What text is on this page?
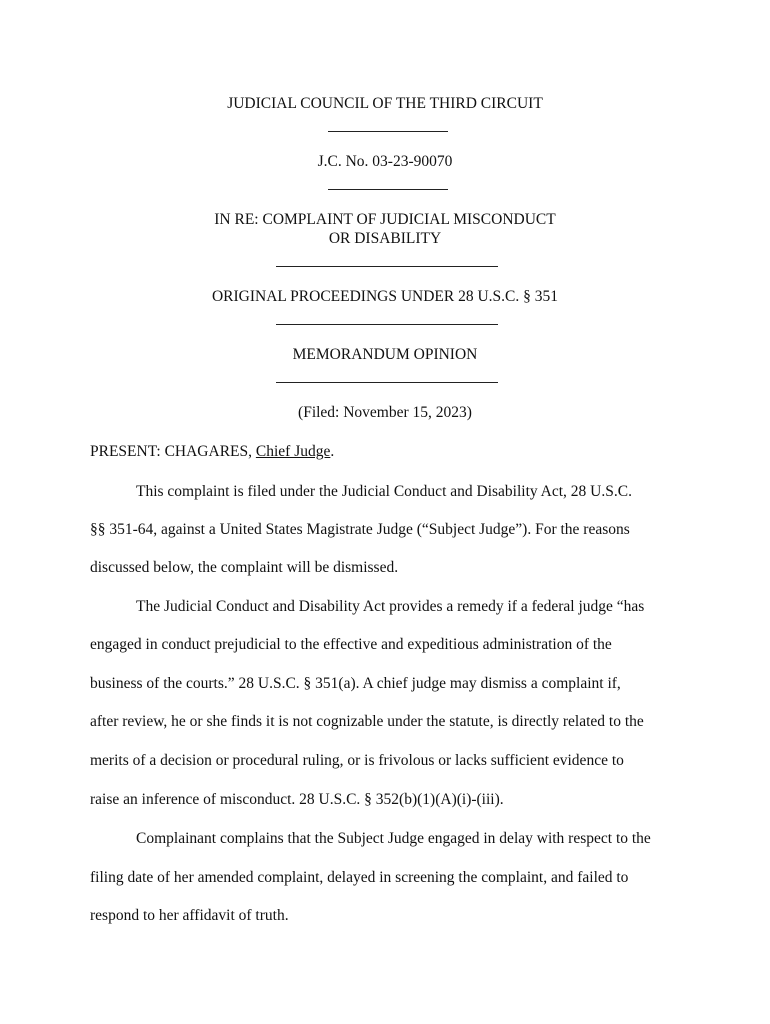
JUDICIAL COUNCIL OF THE THIRD CIRCUIT
J.C. No. 03-23-90070
IN RE: COMPLAINT OF JUDICIAL MISCONDUCT
OR DISABILITY
ORIGINAL PROCEEDINGS UNDER 28 U.S.C. § 351
MEMORANDUM OPINION
(Filed: November 15, 2023)
PRESENT: CHAGARES, Chief Judge.
This complaint is filed under the Judicial Conduct and Disability Act, 28 U.S.C.
§§ 351-64, against a United States Magistrate Judge (“Subject Judge”). For the reasons
discussed below, the complaint will be dismissed.
The Judicial Conduct and Disability Act provides a remedy if a federal judge “has
engaged in conduct prejudicial to the effective and expeditious administration of the
business of the courts.” 28 U.S.C. § 351(a). A chief judge may dismiss a complaint if,
after review, he or she finds it is not cognizable under the statute, is directly related to the
merits of a decision or procedural ruling, or is frivolous or lacks sufficient evidence to
raise an inference of misconduct. 28 U.S.C. § 352(b)(1)(A)(i)-(iii).
Complainant complains that the Subject Judge engaged in delay with respect to the
filing date of her amended complaint, delayed in screening the complaint, and failed to
respond to her affidavit of truth.
